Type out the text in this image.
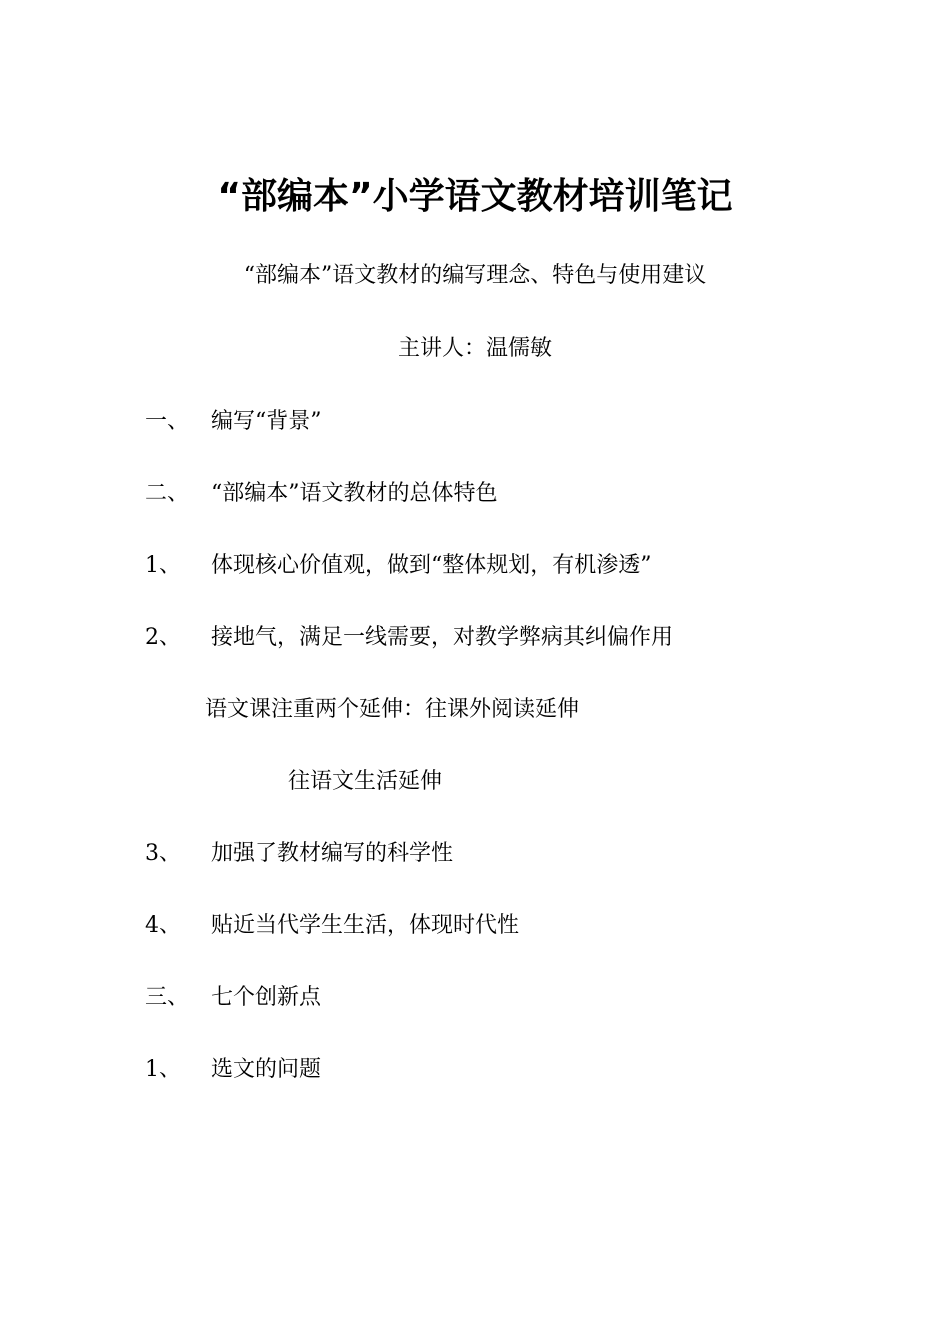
“部编本”小学语文教材培训笔记
“部编本”语文教材的编写理念、特色与使用建议
主讲人：温儒敏
一、 编写“背景”
二、 “部编本”语文教材的总体特色
1、 体现核心价值观，做到“整体规划，有机渗透”
2、 接地气，满足一线需要，对教学弊病其纠偏作用
语文课注重两个延伸：往课外阅读延伸
往语文生活延伸
3、 加强了教材编写的科学性
4、 贴近当代学生生活，体现时代性
三、 七个创新点
1、 选文的问题
